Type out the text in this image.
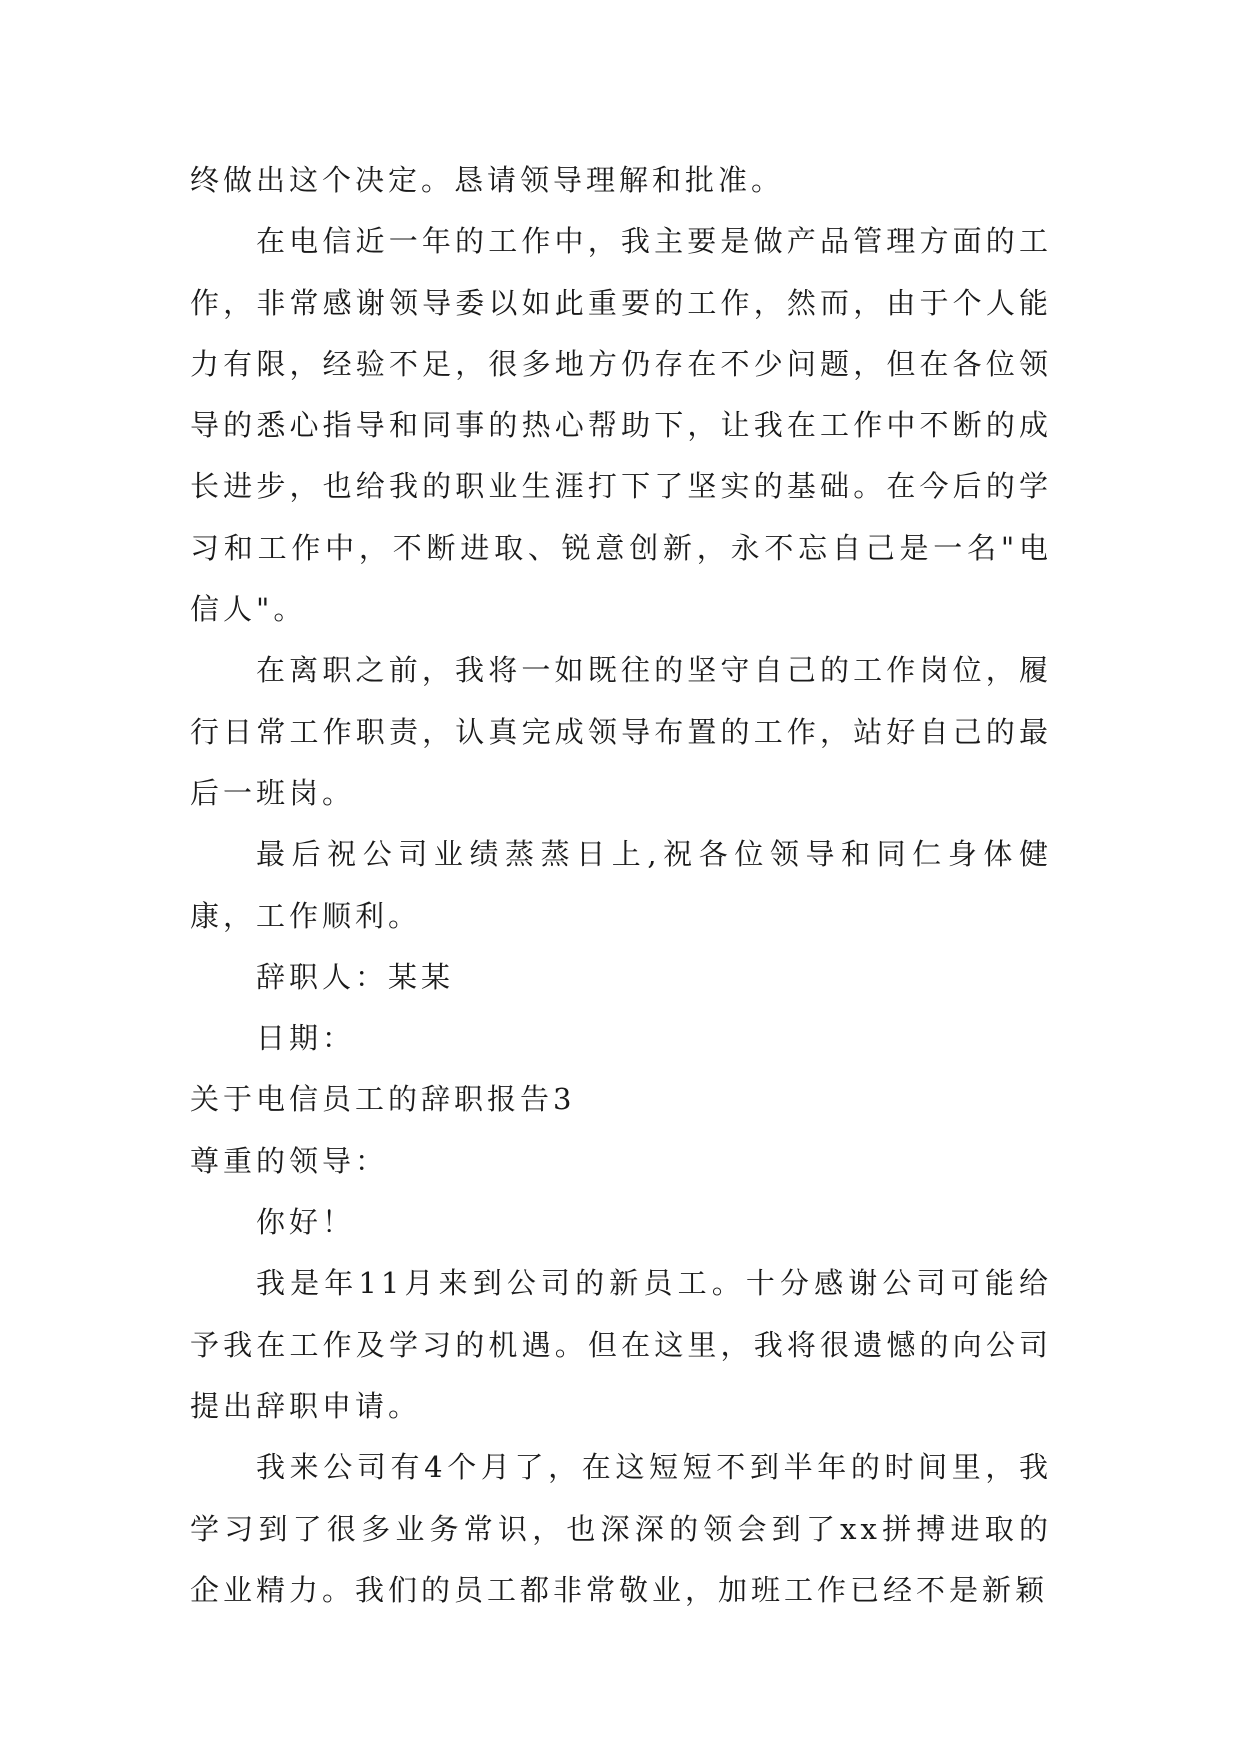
终做出这个决定。恳请领导理解和批准。

在电信近一年的工作中，我主要是做产品管理方面的工作，非常感谢领导委以如此重要的工作，然而，由于个人能力有限，经验不足，很多地方仍存在不少问题，但在各位领导的悉心指导和同事的热心帮助下，让我在工作中不断的成长进步，也给我的职业生涯打下了坚实的基础。在今后的学习和工作中，不断进取、锐意创新，永不忘自己是一名"电信人"。

在离职之前，我将一如既往的坚守自己的工作岗位，履行日常工作职责，认真完成领导布置的工作，站好自己的最后一班岗。

最后祝公司业绩蒸蒸日上,祝各位领导和同仁身体健康，工作顺利。

辞职人：某某

日期：

关于电信员工的辞职报告3

尊重的领导：

你好！

我是年11月来到公司的新员工。十分感谢公司可能给予我在工作及学习的机遇。但在这里，我将很遗憾的向公司提出辞职申请。

我来公司有4个月了，在这短短不到半年的时间里，我学习到了很多业务常识，也深深的领会到了xx拼搏进取的企业精力。我们的员工都非常敬业，加班工作已经不是新颖
